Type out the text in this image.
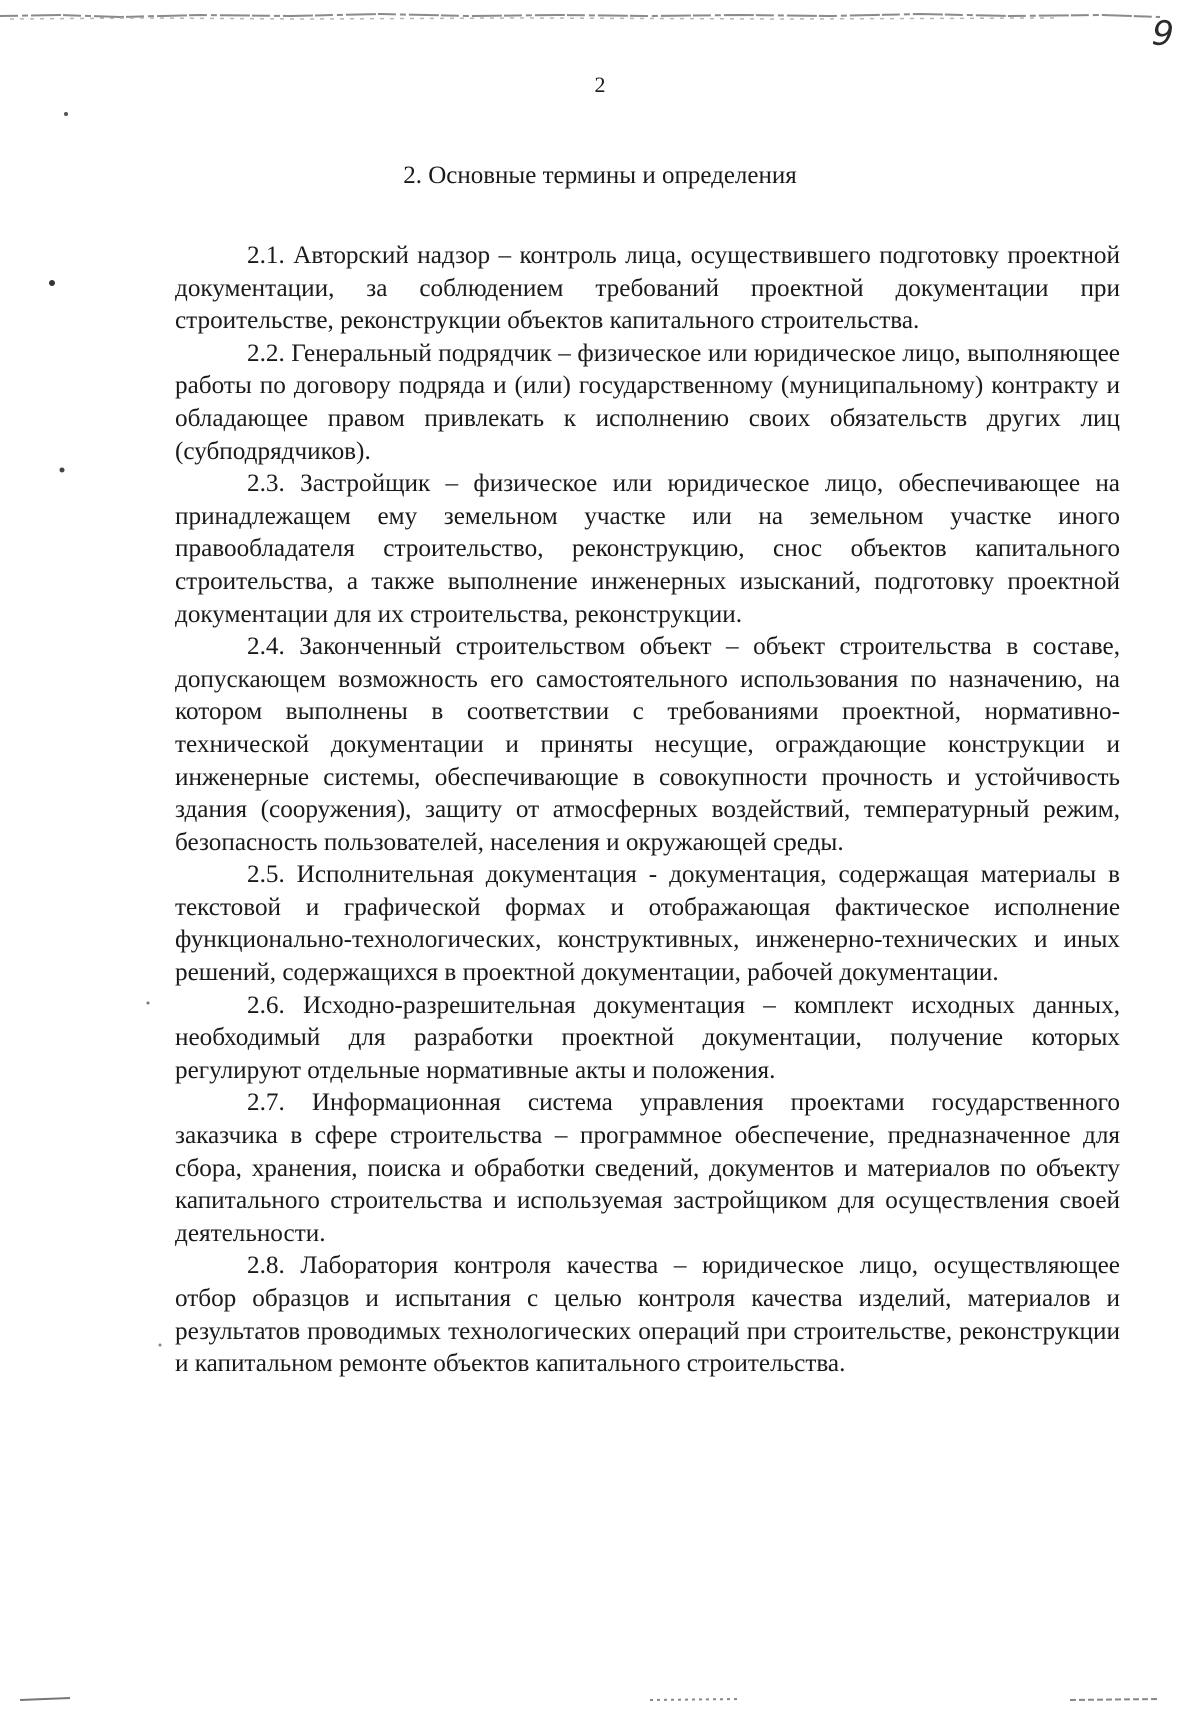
9
2
2. Основные термины и определения

2.1. Авторский надзор – контроль лица, осуществившего подготовку проектной документации, за соблюдением требований проектной документации при строительстве, реконструкции объектов капитального строительства.

2.2. Генеральный подрядчик – физическое или юридическое лицо, выполняющее работы по договору подряда и (или) государственному (муниципальному) контракту и обладающее правом привлекать к исполнению своих обязательств других лиц (субподрядчиков).

2.3. Застройщик – физическое или юридическое лицо, обеспечивающее на принадлежащем ему земельном участке или на земельном участке иного правообладателя строительство, реконструкцию, снос объектов капитального строительства, а также выполнение инженерных изысканий, подготовку проектной документации для их строительства, реконструкции.

2.4. Законченный строительством объект – объект строительства в составе, допускающем возможность его самостоятельного использования по назначению, на котором выполнены в соответствии с требованиями проектной, нормативно-технической документации и приняты несущие, ограждающие конструкции и инженерные системы, обеспечивающие в совокупности прочность и устойчивость здания (сооружения), защиту от атмосферных воздействий, температурный режим, безопасность пользователей, населения и окружающей среды.

2.5. Исполнительная документация - документация, содержащая материалы в текстовой и графической формах и отображающая фактическое исполнение функционально-технологических, конструктивных, инженерно-технических и иных решений, содержащихся в проектной документации, рабочей документации.

2.6. Исходно-разрешительная документация – комплект исходных данных, необходимый для разработки проектной документации, получение которых регулируют отдельные нормативные акты и положения.

2.7. Информационная система управления проектами государственного заказчика в сфере строительства – программное обеспечение, предназначенное для сбора, хранения, поиска и обработки сведений, документов и материалов по объекту капитального строительства и используемая застройщиком для осуществления своей деятельности.

2.8. Лаборатория контроля качества – юридическое лицо, осуществляющее отбор образцов и испытания с целью контроля качества изделий, материалов и результатов проводимых технологических операций при строительстве, реконструкции и капитальном ремонте объектов капитального строительства.
